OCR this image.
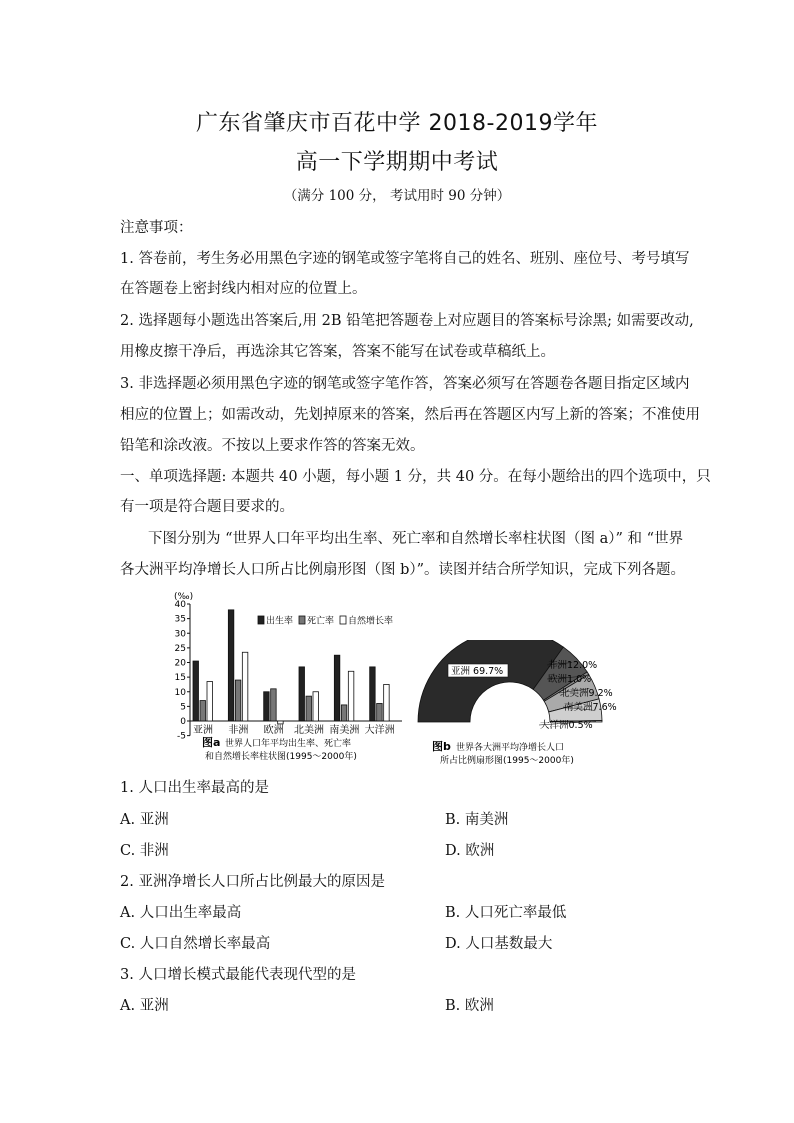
广东省肇庆市百花中学 2018-2019学年
高一下学期期中考试
（满分 100 分， 考试用时 90 分钟）
注意事项：
1. 答卷前，考生务必用黑色字迹的钢笔或签字笔将自己的姓名、班别、座位号、考号填写
在答题卷上密封线内相对应的位置上。
2. 选择题每小题选出答案后,用 2B 铅笔把答题卷上对应题目的答案标号涂黑; 如需要改动,
用橡皮擦干净后，再选涂其它答案，答案不能写在试卷或草稿纸上。
3. 非选择题必须用黑色字迹的钢笔或签字笔作答，答案必须写在答题卷各题目指定区域内
相应的位置上；如需改动，先划掉原来的答案，然后再在答题区内写上新的答案；不准使用
铅笔和涂改液。不按以上要求作答的答案无效。
一、单项选择题: 本题共 40 小题，每小题 1 分，共 40 分。在每小题给出的四个选项中，只
有一项是符合题目要求的。
下图分别为 “世界人口年平均出生率、死亡率和自然增长率柱状图（图 a）” 和 “世界
各大洲平均净增长人口所占比例扇形图（图 b）”。读图并结合所学知识，完成下列各题。
(‰)
-5
0
5
10
15
20
25
30
35
40
出生率 死亡率 自然增长率
亚洲 非洲 欧洲 北美洲 南美洲 大洋洲
图a 世界人口年平均出生率、死亡率
和自然增长率柱状图(1995～2000年)
亚洲 69.7%
非洲12.0%
欧洲1.0%
北美洲9.2%
南美洲7.6%
大洋洲0.5%
图b 世界各大洲平均净增长人口
所占比例扇形图(1995～2000年)
1. 人口出生率最高的是
A. 亚洲	B. 南美洲
C. 非洲	D. 欧洲
2. 亚洲净增长人口所占比例最大的原因是
A. 人口出生率最高	B. 人口死亡率最低
C. 人口自然增长率最高	D. 人口基数最大
3. 人口增长模式最能代表现代型的是
A. 亚洲	B. 欧洲
